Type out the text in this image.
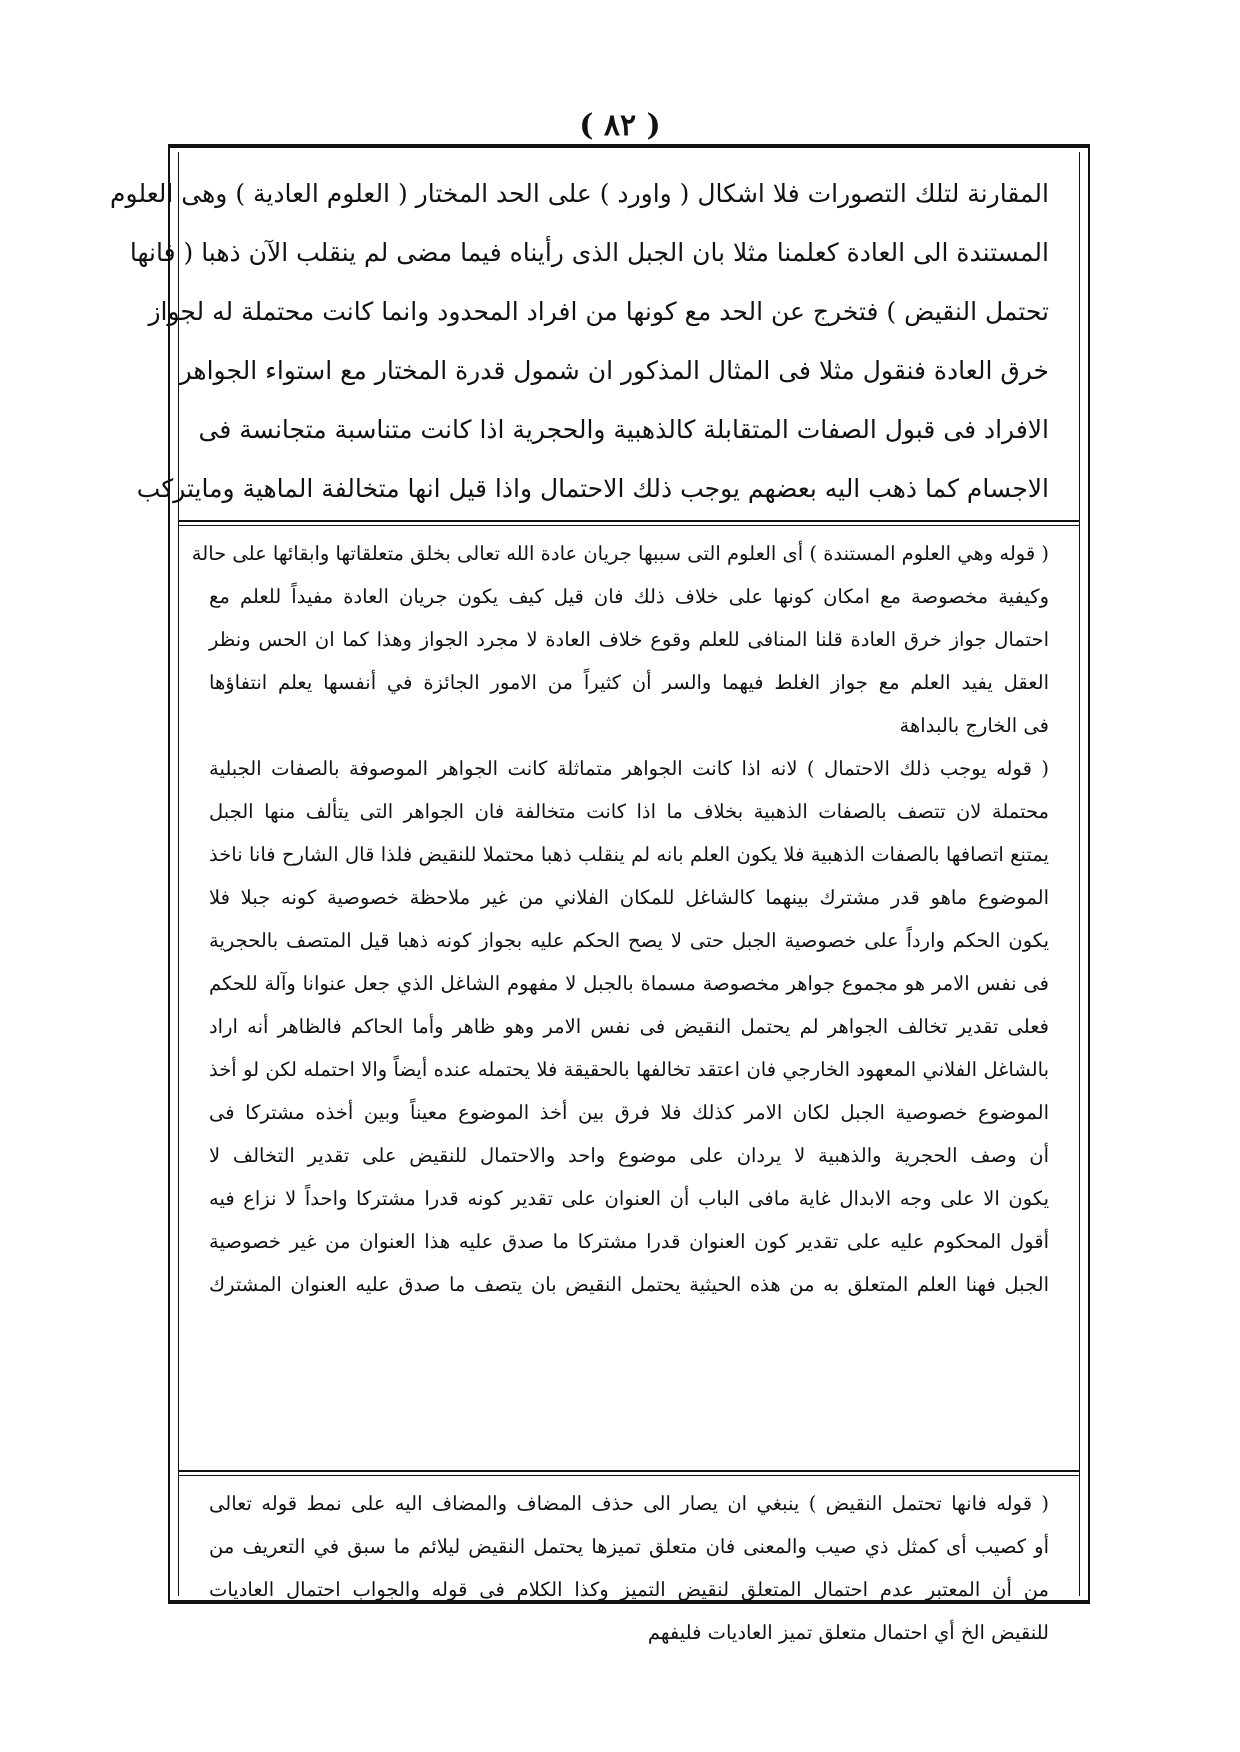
( ٨٢ )

المقارنة لتلك التصورات فلا اشكال ( واورد ) على الحد المختار ( العلوم العادية ) وهى العلوم

المستندة الى العادة كعلمنا مثلا بان الجبل الذى رأيناه فيما مضى لم ينقلب الآن ذهبا ( فانها

تحتمل النقيض ) فتخرج عن الحد مع كونها من افراد المحدود وانما كانت محتملة له لجواز

خرق العادة فنقول مثلا فى المثال المذكور ان شمول قدرة المختار مع استواء الجواهر

الافراد فى قبول الصفات المتقابلة كالذهبية والحجرية اذا كانت متناسبة متجانسة فى

الاجسام كما ذهب اليه بعضهم يوجب ذلك الاحتمال واذا قيل انها متخالفة الماهية ومايتركب

( قوله وهي العلوم المستندة ) أى العلوم التى سببها جريان عادة الله تعالى بخلق متعلقاتها وابقائها على حالة

وكيفية مخصوصة مع امكان كونها على خلاف ذلك فان قيل كيف يكون جريان العادة مفيداً للعلم مع

احتمال جواز خرق العادة قلنا المنافى للعلم وقوع خلاف العادة لا مجرد الجواز وهذا كما ان الحس ونظر

العقل يفيد العلم مع جواز الغلط فيهما والسر أن كثيراً من الامور الجائزة في أنفسها يعلم انتفاؤها

فى الخارج بالبداهة

( قوله يوجب ذلك الاحتمال ) لانه اذا كانت الجواهر متماثلة كانت الجواهر الموصوفة بالصفات الجبلية

محتملة لان تتصف بالصفات الذهبية بخلاف ما اذا كانت متخالفة فان الجواهر التى يتألف منها الجبل

يمتنع اتصافها بالصفات الذهبية فلا يكون العلم بانه لم ينقلب ذهبا محتملا للنقيض فلذا قال الشارح فانا ناخذ

الموضوع ماهو قدر مشترك بينهما كالشاغل للمكان الفلاني من غير ملاحظة خصوصية كونه جبلا فلا

يكون الحكم وارداً على خصوصية الجبل حتى لا يصح الحكم عليه بجواز كونه ذهبا قيل المتصف بالحجرية

فى نفس الامر هو مجموع جواهر مخصوصة مسماة بالجبل لا مفهوم الشاغل الذي جعل عنوانا وآلة للحكم

فعلى تقدير تخالف الجواهر لم يحتمل النقيض فى نفس الامر وهو ظاهر وأما الحاكم فالظاهر أنه اراد

بالشاغل الفلاني المعهود الخارجي فان اعتقد تخالفها بالحقيقة فلا يحتمله عنده أيضاً والا احتمله لكن لو أخذ

الموضوع خصوصية الجبل لكان الامر كذلك فلا فرق بين أخذ الموضوع معيناً وبين أخذه مشتركا فى

أن وصف الحجرية والذهبية لا يردان على موضوع واحد والاحتمال للنقيض على تقدير التخالف لا

يكون الا على وجه الابدال غاية مافى الباب أن العنوان على تقدير كونه قدرا مشتركا واحداً لا نزاع فيه

أقول المحكوم عليه على تقدير كون العنوان قدرا مشتركا ما صدق عليه هذا العنوان من غير خصوصية

الجبل فهنا العلم المتعلق به من هذه الحيثية يحتمل النقيض بان يتصف ما صدق عليه العنوان المشترك

( قوله فانها تحتمل النقيض ) ينبغي ان يصار الى حذف المضاف والمضاف اليه على نمط قوله تعالى

أو كصيب أى كمثل ذي صيب والمعنى فان متعلق تميزها يحتمل النقيض ليلائم ما سبق في التعريف من

من أن المعتبر عدم احتمال المتعلق لنقيض التميز وكذا الكلام فى قوله والجواب احتمال العاديات

للنقيض الخ أي احتمال متعلق تميز العاديات فليفهم
